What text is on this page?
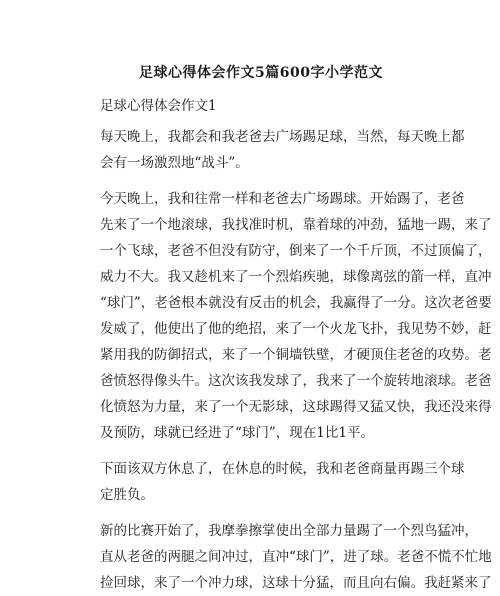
足球心得体会作文5篇600字小学范文
足球心得体会作文1
每天晚上，我都会和我老爸去广场踢足球，当然，每天晚上都
会有一场激烈地“战斗”。
今天晚上，我和往常一样和老爸去广场踢球。开始踢了，老爸
先来了一个地滚球，我找准时机，靠着球的冲劲，猛地一踢，来了
一个飞球，老爸不但没有防守，倒来了一个千斤顶，不过顶偏了，
威力不大。我又趁机来了一个烈焰疾驰，球像离弦的箭一样，直冲
“球门”，老爸根本就没有反击的机会，我赢得了一分。这次老爸要
发威了，他使出了他的绝招，来了一个火龙飞扑，我见势不妙，赶
紧用我的防御招式，来了一个铜墙铁壁，才硬顶住老爸的攻势。老
爸愤怒得像头牛。这次该我发球了，我来了一个旋转地滚球。老爸
化愤怒为力量，来了一个无影球，这球踢得又猛又快，我还没来得
及预防，球就已经进了“球门”，现在1比1平。
下面该双方休息了，在休息的时候，我和老爸商量再踢三个球
定胜负。
新的比赛开始了，我摩拳擦掌使出全部力量踢了一个烈鸟猛冲，
直从老爸的两腿之间冲过，直冲“球门”，进了球。老爸不慌不忙地
捡回球，来了一个冲力球，这球十分猛，而且向右偏。我赶紧来了
